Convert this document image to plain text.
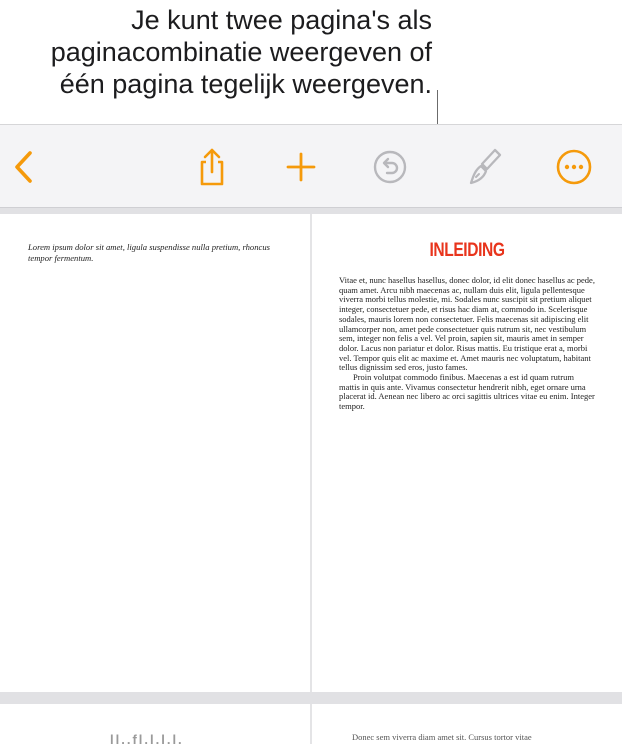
Je kunt twee pagina's als
paginacombinatie weergeven of
één pagina tegelijk weergeven.
Lorem ipsum dolor sit amet, ligula suspendisse nulla pretium, rhoncus tempor fermentum.	INLEIDING

Vitae et, nunc hasellus hasellus, donec dolor, id elit donec hasellus ac pede, quam amet. Arcu nibh maecenas ac, nullam duis elit, ligula pellentesque viverra morbi tellus molestie, mi. Sodales nunc suscipit sit pretium aliquet integer, consectetuer pede, et risus hac diam at, commodo in. Scelerisque sodales, mauris lorem non consectetuer. Felis maecenas sit adipiscing elit ullamcorper non, amet pede consectetuer quis rutrum sit, nec vestibulum sem, integer non felis a vel. Vel proin, sapien sit, mauris amet in semper dolor. Lacus non pariatur et dolor. Risus mattis. Eu tristique erat a, morbi vel. Tempor quis elit ac maxime et. Amet mauris nec voluptatum, habitant tellus dignissim sed eros, justo fames.

Proin volutpat commodo finibus. Maecenas a est id quam rutrum mattis in quis ante. Vivamus consectetur hendrerit nibh, eget ornare urna placerat id. Aenean nec libero ac orci sagittis ultrices vitae eu enim. Integer tempor.

ll..fl.l.l.l.	Donec sem viverra diam amet sit. Cursus tortor vitae
